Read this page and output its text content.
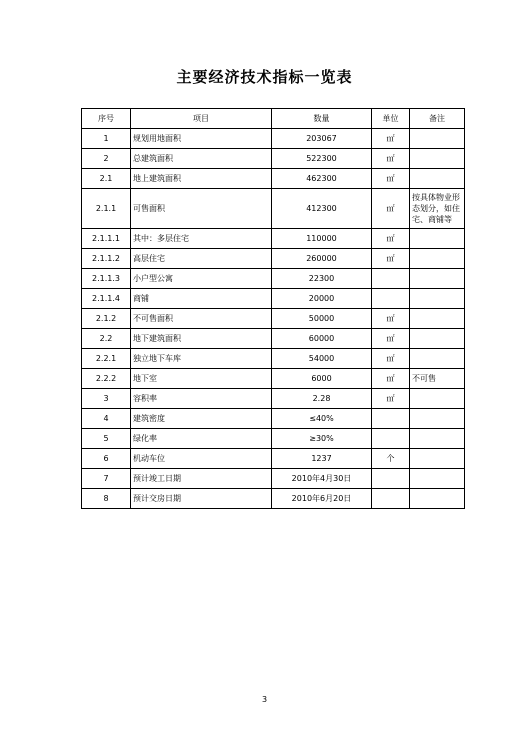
主要经济技术指标一览表
序号	项目	数量	单位	备注
1	规划用地面积	203067	㎡	
2	总建筑面积	522300	㎡	
2.1	地上建筑面积	462300	㎡	
2.1.1	可售面积	412300	㎡	按具体物业形态划分，如住宅、商铺等
2.1.1.1	其中：多层住宅	110000	㎡	
2.1.1.2	高层住宅	260000	㎡	
2.1.1.3	小户型公寓	22300		
2.1.1.4	商铺	20000		
2.1.2	不可售面积	50000	㎡	
2.2	地下建筑面积	60000	㎡	
2.2.1	独立地下车库	54000	㎡	
2.2.2	地下室	6000	㎡	不可售
3	容积率	2.28	㎡	
4	建筑密度	≤40%		
5	绿化率	≥30%		
6	机动车位	1237	个	
7	预计竣工日期	2010年4月30日		
8	预计交房日期	2010年6月20日		
3
